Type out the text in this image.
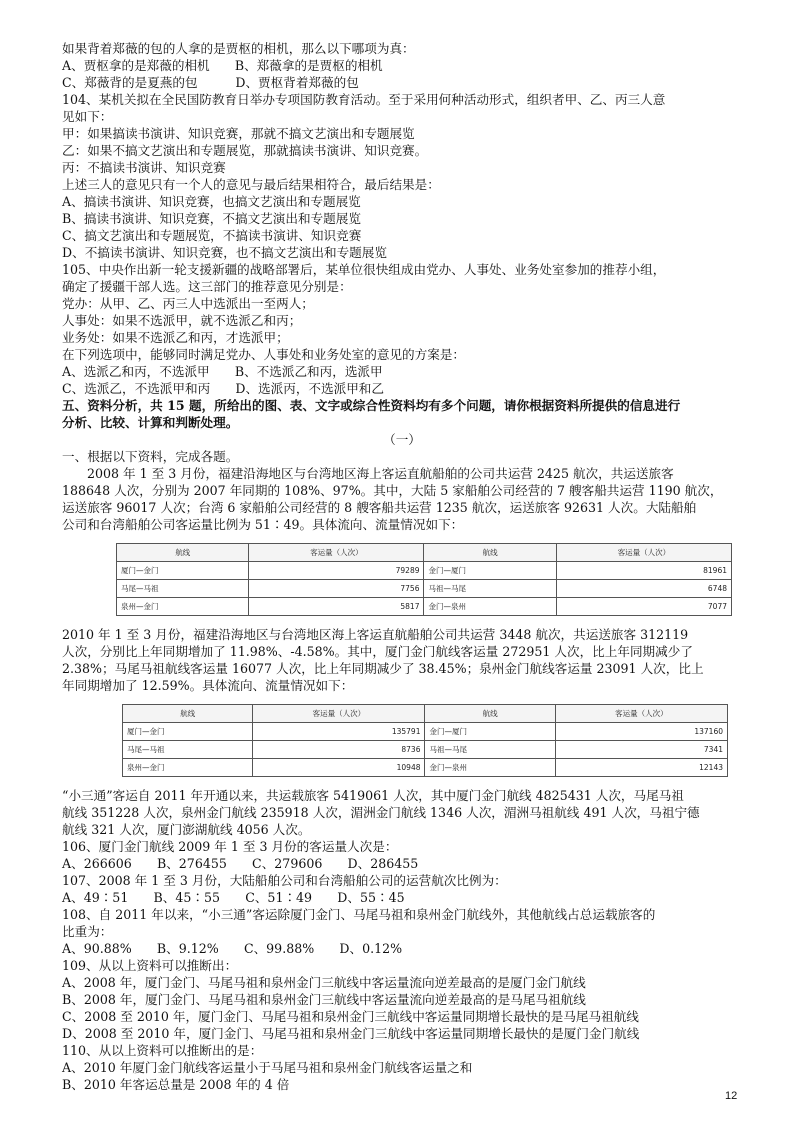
如果背着郑薇的包的人拿的是贾枢的相机，那么以下哪项为真：
A、贾枢拿的是郑薇的相机　　B、郑薇拿的是贾枢的相机
C、郑薇背的是夏燕的包　　　D、贾枢背着郑薇的包
104、某机关拟在全民国防教育日举办专项国防教育活动。至于采用何种活动形式，组织者甲、乙、丙三人意
见如下：
甲：如果搞读书演讲、知识竞赛，那就不搞文艺演出和专题展览
乙：如果不搞文艺演出和专题展览，那就搞读书演讲、知识竞赛。
丙：不搞读书演讲、知识竞赛
上述三人的意见只有一个人的意见与最后结果相符合，最后结果是：
A、搞读书演讲、知识竞赛，也搞文艺演出和专题展览
B、搞读书演讲、知识竞赛，不搞文艺演出和专题展览
C、搞文艺演出和专题展览，不搞读书演讲、知识竞赛
D、不搞读书演讲、知识竞赛，也不搞文艺演出和专题展览
105、中央作出新一轮支援新疆的战略部署后，某单位很快组成由党办、人事处、业务处室参加的推荐小组，
确定了援疆干部人选。这三部门的推荐意见分别是：
党办：从甲、乙、丙三人中选派出一至两人；
人事处：如果不选派甲，就不选派乙和丙；
业务处：如果不选派乙和丙，才选派甲；
在下列选项中，能够同时满足党办、人事处和业务处室的意见的方案是：
A、选派乙和丙，不选派甲　　B、不选派乙和丙，选派甲
C、选派乙，不选派甲和丙　　D、选派丙，不选派甲和乙
五、资料分析，共 15 题，所给出的图、表、文字或综合性资料均有多个问题，请你根据资料所提供的信息进行
分析、比较、计算和判断处理。
（一）
一、根据以下资料，完成各题。
2008 年 1 至 3 月份，福建沿海地区与台湾地区海上客运直航船舶的公司共运营 2425 航次，共运送旅客
188648 人次，分别为 2007 年同期的 108%、97%。其中，大陆 5 家船舶公司经营的 7 艘客船共运营 1190 航次，
运送旅客 96017 人次；台湾 6 家船舶公司经营的 8 艘客船共运营 1235 航次，运送旅客 92631 人次。大陆船舶
公司和台湾船舶公司客运量比例为 51∶49。具体流向、流量情况如下：
航线	客运量（人次）	航线	客运量（人次）
厦门—金门	79289	金门—厦门	81961
马尾—马祖	7756	马祖—马尾	6748
泉州—金门	5817	金门—泉州	7077
2010 年 1 至 3 月份，福建沿海地区与台湾地区海上客运直航船舶公司共运营 3448 航次，共运送旅客 312119
人次，分别比上年同期增加了 11.98%、-4.58%。其中，厦门金门航线客运量 272951 人次，比上年同期减少了
2.38%；马尾马祖航线客运量 16077 人次，比上年同期减少了 38.45%；泉州金门航线客运量 23091 人次，比上
年同期增加了 12.59%。具体流向、流量情况如下：
航线	客运量（人次）	航线	客运量（人次）
厦门—金门	135791	金门—厦门	137160
马尾—马祖	8736	马祖—马尾	7341
泉州—金门	10948	金门—泉州	12143
“小三通”客运自 2011 年开通以来，共运载旅客 5419061 人次，其中厦门金门航线 4825431 人次，马尾马祖
航线 351228 人次，泉州金门航线 235918 人次，湄洲金门航线 1346 人次，湄洲马祖航线 491 人次，马祖宁德
航线 321 人次，厦门澎湖航线 4056 人次。
106、厦门金门航线 2009 年 1 至 3 月份的客运量人次是：
A、266606　　B、276455　　C、279606　　D、286455
107、2008 年 1 至 3 月份，大陆船舶公司和台湾船舶公司的运营航次比例为：
A、49∶51　　B、45∶55　　C、51∶49　　D、55∶45
108、自 2011 年以来，“小三通”客运除厦门金门、马尾马祖和泉州金门航线外，其他航线占总运载旅客的
比重为：
A、90.88%　　B、9.12%　　C、99.88%　　D、0.12%
109、从以上资料可以推断出：
A、2008 年，厦门金门、马尾马祖和泉州金门三航线中客运量流向逆差最高的是厦门金门航线
B、2008 年，厦门金门、马尾马祖和泉州金门三航线中客运量流向逆差最高的是马尾马祖航线
C、2008 至 2010 年，厦门金门、马尾马祖和泉州金门三航线中客运量同期增长最快的是马尾马祖航线
D、2008 至 2010 年，厦门金门、马尾马祖和泉州金门三航线中客运量同期增长最快的是厦门金门航线
110、从以上资料可以推断出的是：
A、2010 年厦门金门航线客运量小于马尾马祖和泉州金门航线客运量之和
B、2010 年客运总量是 2008 年的 4 倍
12
